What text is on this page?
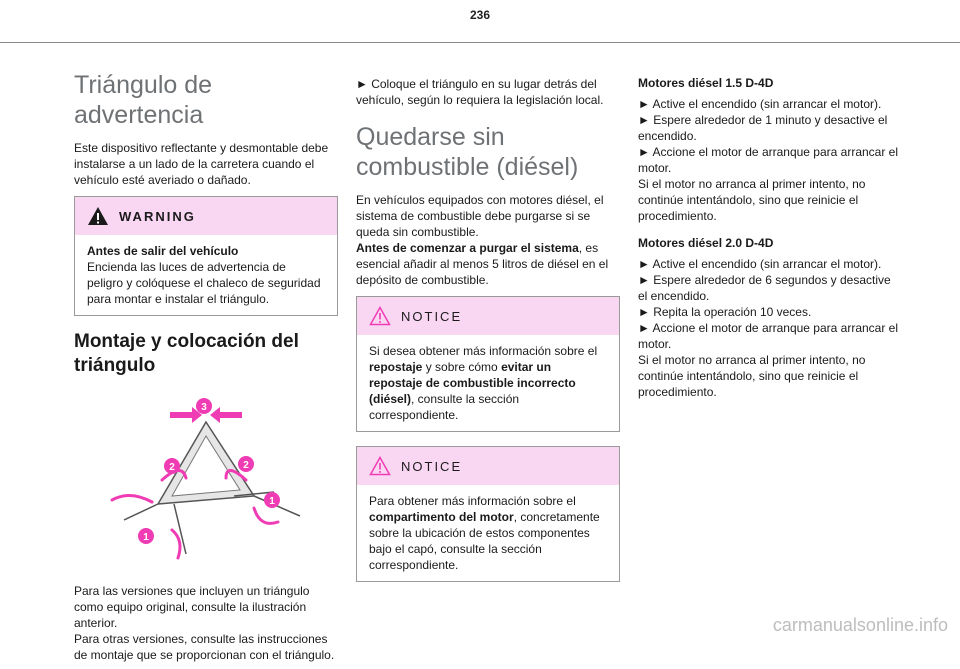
236
Triángulo de advertencia

Este dispositivo reflectante y desmontable debe instalarse a un lado de la carretera cuando el vehículo esté averiado o dañado.

WARNING

Antes de salir del vehículo

Encienda las luces de advertencia de peligro y colóquese el chaleco de seguridad para montar e instalar el triángulo.

Montaje y colocación del triángulo
3
2	2
1
1

Para las versiones que incluyen un triángulo como equipo original, consulte la ilustración anterior.

Para otras versiones, consulte las instrucciones de montaje que se proporcionan con el triángulo.

► Coloque el triángulo en su lugar detrás del vehículo, según lo requiera la legislación local.

Quedarse sin combustible (diésel)

En vehículos equipados con motores diésel, el sistema de combustible debe purgarse si se queda sin combustible.

Antes de comenzar a purgar el sistema, es esencial añadir al menos 5 litros de diésel en el depósito de combustible.

NOTICE

Si desea obtener más información sobre el repostaje y sobre cómo evitar un repostaje de combustible incorrecto (diésel), consulte la sección correspondiente.

NOTICE

Para obtener más información sobre el compartimento del motor, concretamente sobre la ubicación de estos componentes bajo el capó, consulte la sección correspondiente.

Motores diésel 1.5 D-4D

► Active el encendido (sin arrancar el motor).

► Espere alrededor de 1 minuto y desactive el encendido.

► Accione el motor de arranque para arrancar el motor.

Si el motor no arranca al primer intento, no continúe intentándolo, sino que reinicie el procedimiento.

Motores diésel 2.0 D-4D

► Active el encendido (sin arrancar el motor).

► Espere alrededor de 6 segundos y desactive el encendido.

► Repita la operación 10 veces.

► Accione el motor de arranque para arrancar el motor.

Si el motor no arranca al primer intento, no continúe intentándolo, sino que reinicie el procedimiento.

carmanualsonline.info
